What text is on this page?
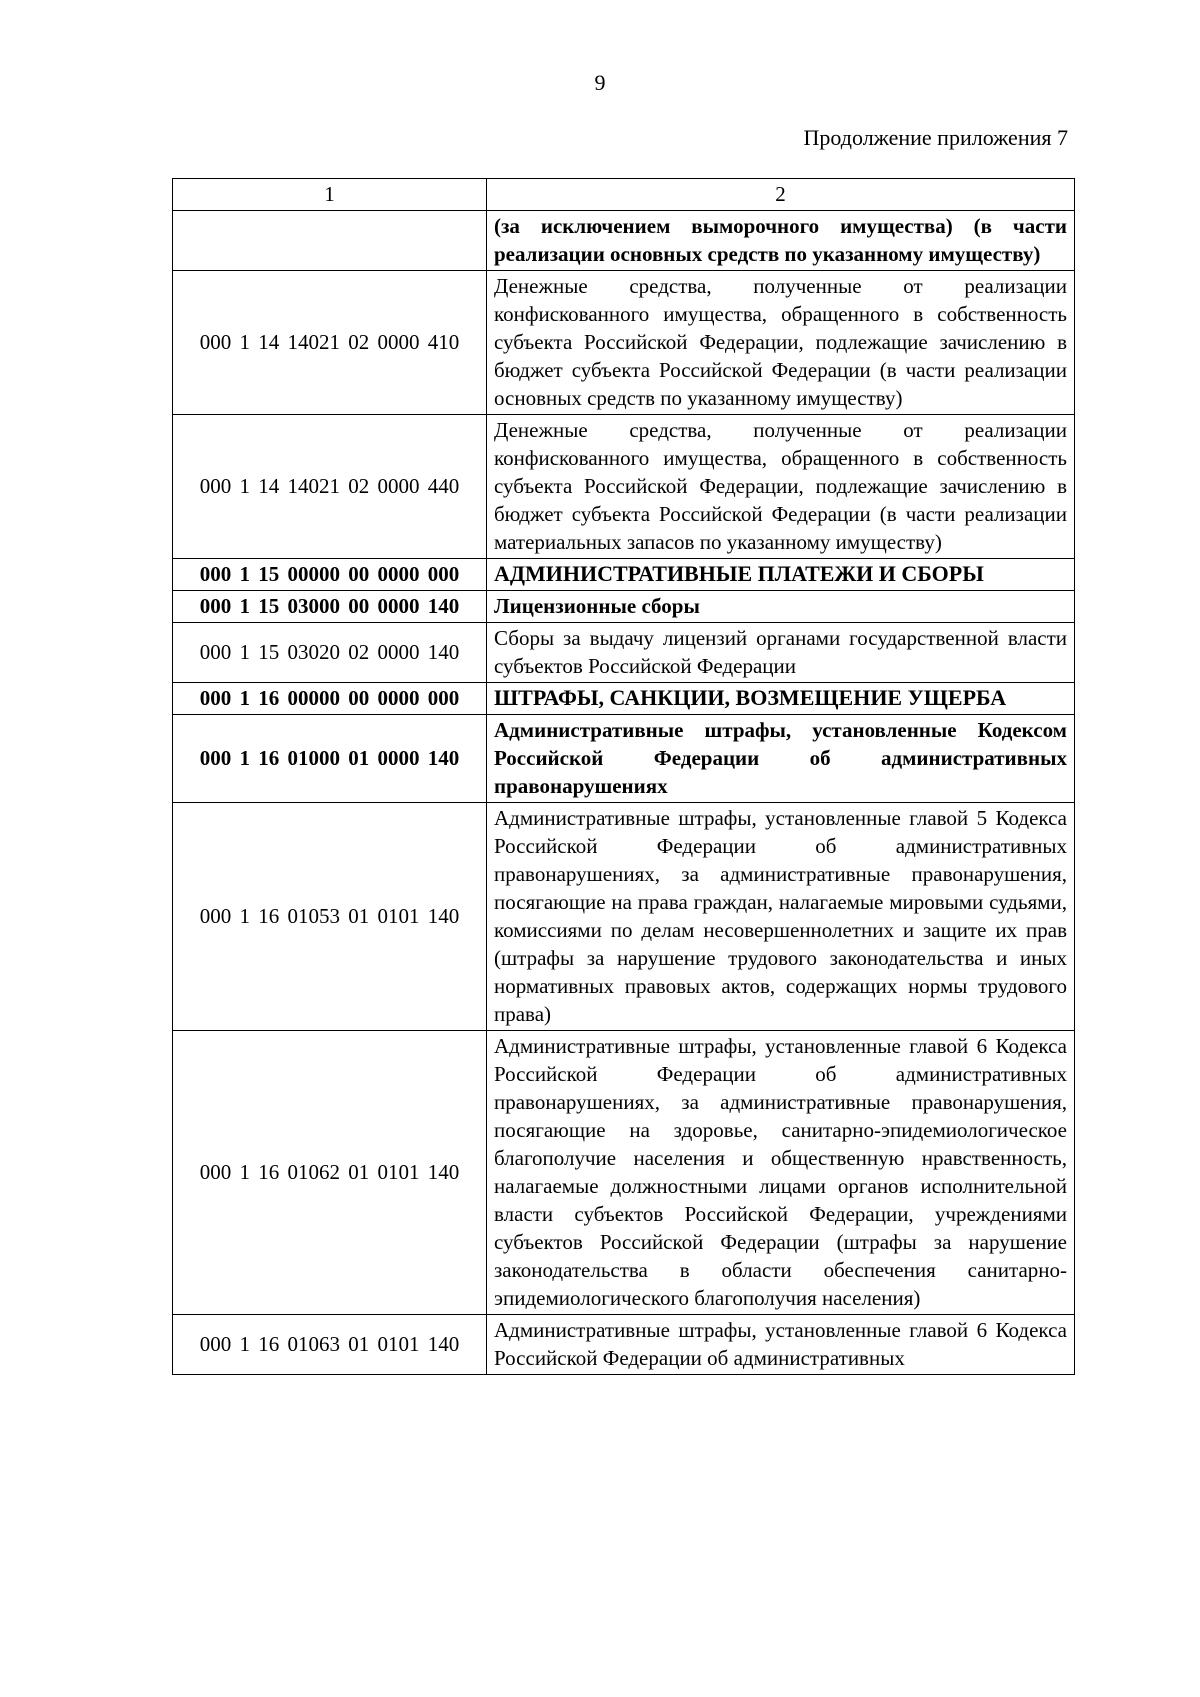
9
Продолжение приложения 7
1	2
	(за исключением выморочного имущества) (в части реализации основных средств по указанному имуществу)
000 1 14 14021 02 0000 410	Денежные средства, полученные от реализации конфискованного имущества, обращенного в собственность субъекта Российской Федерации, подлежащие зачислению в бюджет субъекта Российской Федерации (в части реализации основных средств по указанному имуществу)
000 1 14 14021 02 0000 440	Денежные средства, полученные от реализации конфискованного имущества, обращенного в собственность субъекта Российской Федерации, подлежащие зачислению в бюджет субъекта Российской Федерации (в части реализации материальных запасов по указанному имуществу)
000 1 15 00000 00 0000 000	АДМИНИСТРАТИВНЫЕ ПЛАТЕЖИ И СБОРЫ
000 1 15 03000 00 0000 140	Лицензионные сборы
000 1 15 03020 02 0000 140	Сборы за выдачу лицензий органами государственной власти субъектов Российской Федерации
000 1 16 00000 00 0000 000	ШТРАФЫ, САНКЦИИ, ВОЗМЕЩЕНИЕ УЩЕРБА
000 1 16 01000 01 0000 140	Административные штрафы, установленные Кодексом Российской Федерации об административных правонарушениях
000 1 16 01053 01 0101 140	Административные штрафы, установленные главой 5 Кодекса Российской Федерации об административных правонарушениях, за административные правонарушения, посягающие на права граждан, налагаемые мировыми судьями, комиссиями по делам несовершеннолетних и защите их прав (штрафы за нарушение трудового законодательства и иных нормативных правовых актов, содержащих нормы трудового права)
000 1 16 01062 01 0101 140	Административные штрафы, установленные главой 6 Кодекса Российской Федерации об административных правонарушениях, за административные правонарушения, посягающие на здоровье, санитарно-эпидемиологическое благополучие населения и общественную нравственность, налагаемые должностными лицами органов исполнительной власти субъектов Российской Федерации, учреждениями субъектов Российской Федерации (штрафы за нарушение законодательства в области обеспечения санитарно-эпидемиологического благополучия населения)
000 1 16 01063 01 0101 140	Административные штрафы, установленные главой 6 Кодекса Российской Федерации об административных
